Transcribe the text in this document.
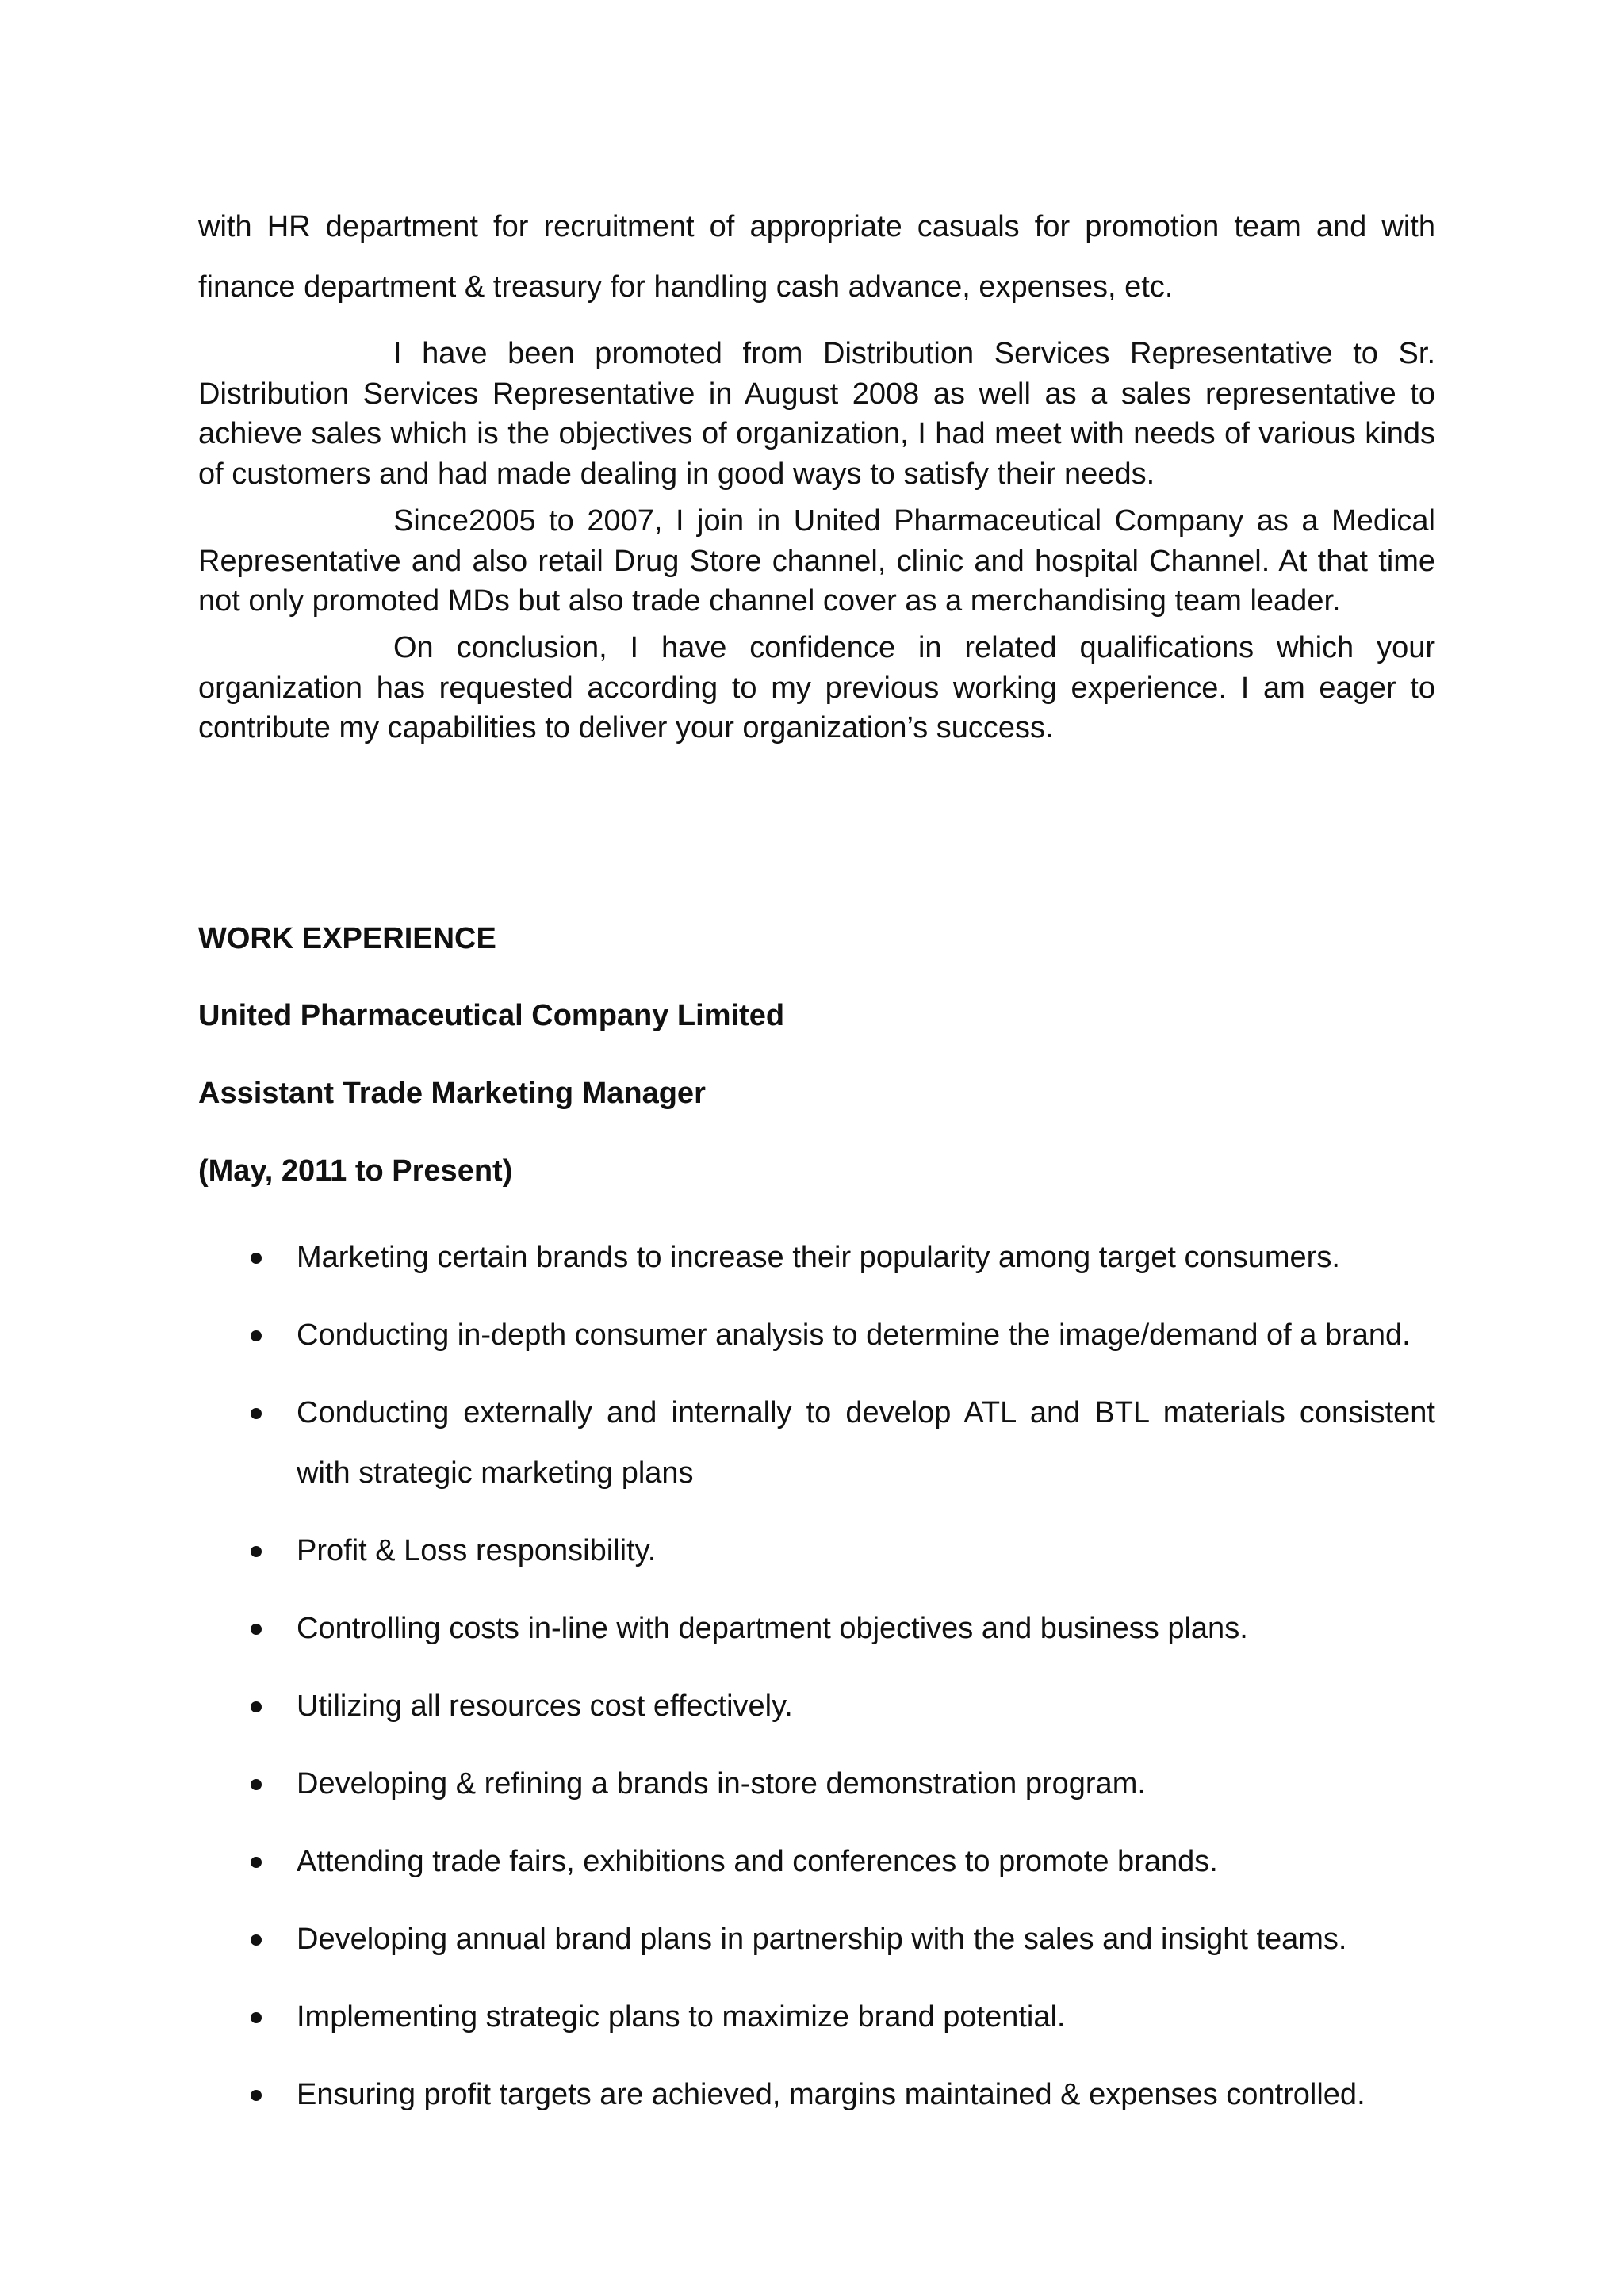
with HR department for recruitment of appropriate casuals for promotion team and with finance department & treasury for handling cash advance, expenses, etc.

I have been promoted from Distribution Services Representative to Sr. Distribution Services Representative in August 2008 as well as a sales representative to achieve sales which is the objectives of organization, I had meet with needs of various kinds of customers and had made dealing in good ways to satisfy their needs.

Since2005 to 2007, I join in United Pharmaceutical Company as a Medical Representative and also retail Drug Store channel, clinic and hospital Channel. At that time not only promoted MDs but also trade channel cover as a merchandising team leader.

On conclusion, I have confidence in related qualifications which your organization has requested according to my previous working experience. I am eager to contribute my capabilities to deliver your organization’s success.

WORK EXPERIENCE

United Pharmaceutical Company Limited

Assistant Trade Marketing Manager

(May, 2011 to Present)

Marketing certain brands to increase their popularity among target consumers.
Conducting in-depth consumer analysis to determine the image/demand of a brand.
Conducting externally and internally to develop ATL and BTL materials consistent with strategic marketing plans
Profit & Loss responsibility.
Controlling costs in-line with department objectives and business plans.
Utilizing all resources cost effectively.
Developing & refining a brands in-store demonstration program.
Attending trade fairs, exhibitions and conferences to promote brands.
Developing annual brand plans in partnership with the sales and insight teams.
Implementing strategic plans to maximize brand potential.
Ensuring profit targets are achieved, margins maintained & expenses controlled.
